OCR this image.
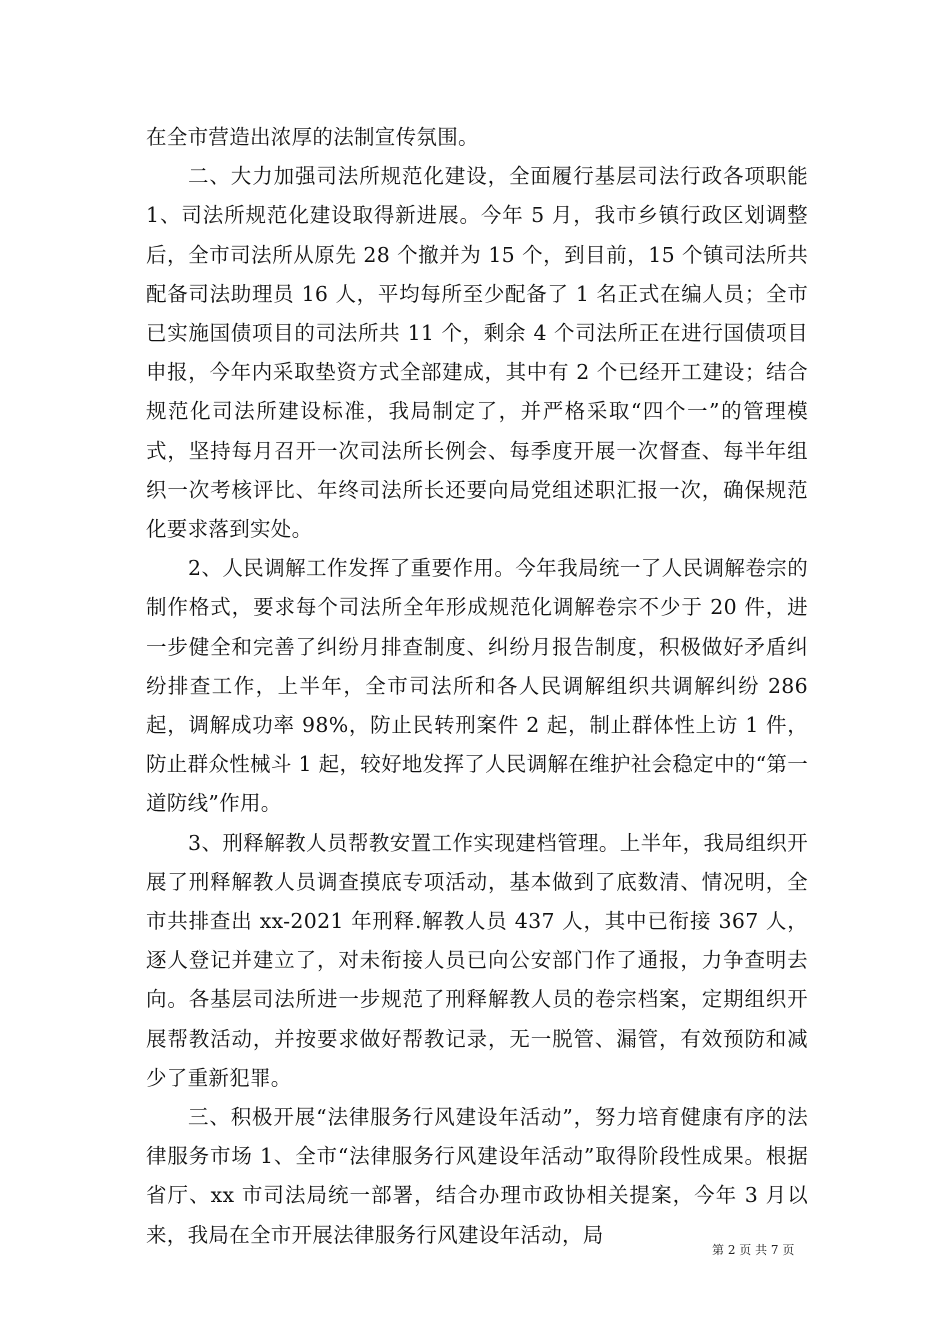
在全市营造出浓厚的法制宣传氛围。

二、大力加强司法所规范化建设，全面履行基层司法行政各项职能 1、司法所规范化建设取得新进展。今年 5 月，我市乡镇行政区划调整后，全市司法所从原先 28 个撤并为 15 个，到目前，15 个镇司法所共配备司法助理员 16 人，平均每所至少配备了 1 名正式在编人员；全市已实施国债项目的司法所共 11 个，剩余 4 个司法所正在进行国债项目申报，今年内采取垫资方式全部建成，其中有 2 个已经开工建设；结合规范化司法所建设标准，我局制定了，并严格采取“四个一”的管理模式，坚持每月召开一次司法所长例会、每季度开展一次督查、每半年组织一次考核评比、年终司法所长还要向局党组述职汇报一次，确保规范化要求落到实处。

2、人民调解工作发挥了重要作用。今年我局统一了人民调解卷宗的制作格式，要求每个司法所全年形成规范化调解卷宗不少于 20 件，进一步健全和完善了纠纷月排查制度、纠纷月报告制度，积极做好矛盾纠纷排查工作，上半年，全市司法所和各人民调解组织共调解纠纷 286 起，调解成功率 98%，防止民转刑案件 2 起，制止群体性上访 1 件，防止群众性械斗 1 起，较好地发挥了人民调解在维护社会稳定中的“第一道防线”作用。

3、刑释解教人员帮教安置工作实现建档管理。上半年，我局组织开展了刑释解教人员调查摸底专项活动，基本做到了底数清、情况明，全市共排查出 xx-2021 年刑释.解教人员 437 人，其中已衔接 367 人，逐人登记并建立了，对未衔接人员已向公安部门作了通报，力争查明去向。各基层司法所进一步规范了刑释解教人员的卷宗档案，定期组织开展帮教活动，并按要求做好帮教记录，无一脱管、漏管，有效预防和减少了重新犯罪。

三、积极开展“法律服务行风建设年活动”，努力培育健康有序的法律服务市场 1、全市“法律服务行风建设年活动”取得阶段性成果。根据省厅、xx 市司法局统一部署，结合办理市政协相关提案，今年 3 月以来，我局在全市开展法律服务行风建设年活动，局

第 2 页 共 7 页
